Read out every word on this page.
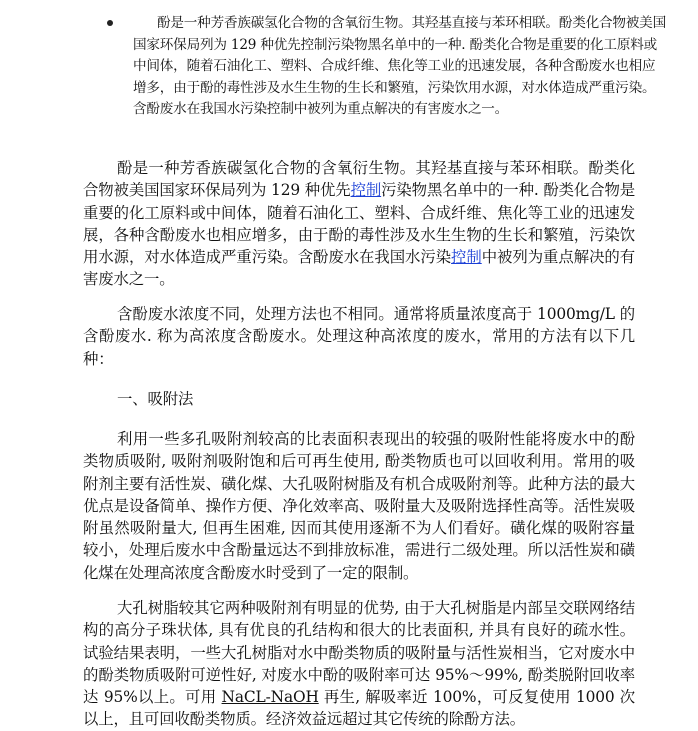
酚是一种芳香族碳氢化合物的含氧衍生物。其羟基直接与苯环相联。酚类化合物被美国国家环保局列为 129 种优先控制污染物黑名单中的一种. 酚类化合物是重要的化工原料或中间体，随着石油化工、塑料、合成纤维、焦化等工业的迅速发展，各种含酚废水也相应增多，由于酚的毒性涉及水生生物的生长和繁殖，污染饮用水源，对水体造成严重污染。含酚废水在我国水污染控制中被列为重点解决的有害废水之一。

酚是一种芳香族碳氢化合物的含氧衍生物。其羟基直接与苯环相联。酚类化合物被美国国家环保局列为 129 种优先控制污染物黑名单中的一种. 酚类化合物是重要的化工原料或中间体，随着石油化工、塑料、合成纤维、焦化等工业的迅速发展，各种含酚废水也相应增多，由于酚的毒性涉及水生生物的生长和繁殖，污染饮用水源，对水体造成严重污染。含酚废水在我国水污染控制中被列为重点解决的有害废水之一。

含酚废水浓度不同，处理方法也不相同。通常将质量浓度高于 1000mg/L 的含酚废水. 称为高浓度含酚废水。处理这种高浓度的废水，常用的方法有以下几种：

一、吸附法

利用一些多孔吸附剂较高的比表面积表现出的较强的吸附性能将废水中的酚类物质吸附, 吸附剂吸附饱和后可再生使用, 酚类物质也可以回收利用。常用的吸附剂主要有活性炭、磺化煤、大孔吸附树脂及有机合成吸附剂等。此种方法的最大优点是设备简单、操作方便、净化效率高、吸附量大及吸附选择性高等。活性炭吸附虽然吸附量大, 但再生困难, 因而其使用逐渐不为人们看好。磺化煤的吸附容量较小，处理后废水中含酚量远达不到排放标准，需进行二级处理。所以活性炭和磺化煤在处理高浓度含酚废水时受到了一定的限制。

大孔树脂较其它两种吸附剂有明显的优势, 由于大孔树脂是内部呈交联网络结构的高分子珠状体, 具有优良的孔结构和很大的比表面积, 并具有良好的疏水性。试验结果表明，一些大孔树脂对水中酚类物质的吸附量与活性炭相当，它对废水中的酚类物质吸附可逆性好, 对废水中酚的吸附率可达 95%～99%, 酚类脱附回收率达 95%以上。可用 NaCL-NaOH 再生, 解吸率近 100%，可反复使用 1000 次以上，且可回收酚类物质。经济效益远超过其它传统的除酚方法。
